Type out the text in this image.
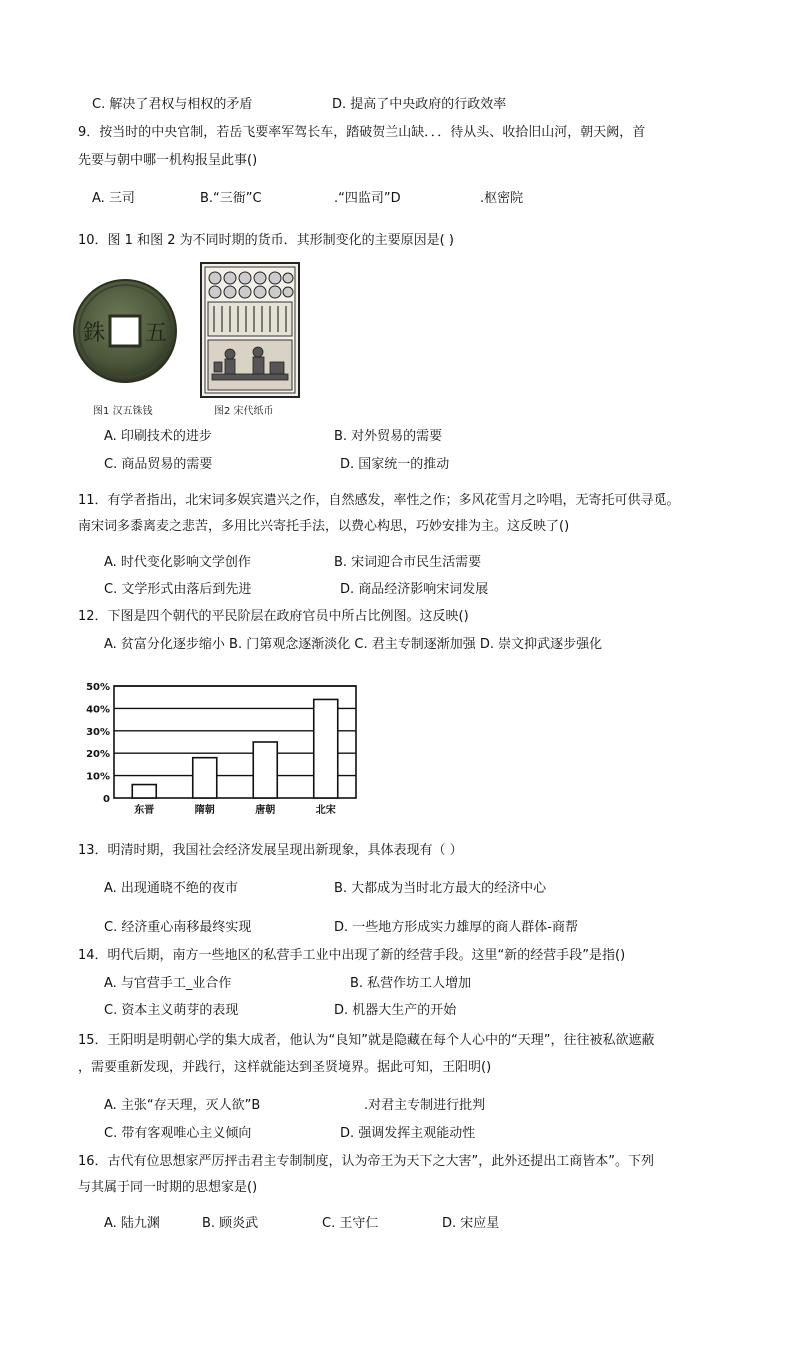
C. 解决了君权与相权的矛盾	D. 提高了中央政府的行政效率
9．按当时的中央官制，若岳飞要率军驾长车，踏破贺兰山缺．．．待从头、收拾旧山河，朝天阙，首
先要与朝中哪一机构报呈此事()
A. 三司	B.“三衙”C	.“四监司”D	.枢密院
10．图 1 和图 2 为不同时期的货币．其形制变化的主要原因是( )
銖 五
图1 汉五铢钱	图2 宋代纸币
A. 印刷技术的进步	B. 对外贸易的需要
C. 商品贸易的需要	D. 国家统一的推动
11．有学者指出，北宋词多娱宾遣兴之作，自然感发，率性之作；多风花雪月之吟唱，无寄托可供寻觅。
南宋词多黍离麦之悲苦，多用比兴寄托手法，以费心构思，巧妙安排为主。这反映了()
A. 时代变化影响文学创作	B. 宋词迎合市民生活需要
C. 文学形式由落后到先进	D. 商品经济影响宋词发展
12．下图是四个朝代的平民阶层在政府官员中所占比例图。这反映()
A. 贫富分化逐步缩小 B. 门第观念逐渐淡化 C. 君主专制逐渐加强 D. 崇文抑武逐步强化
0
10%
20%
30%
40%
50%
东晋	隋朝	唐朝	北宋
13．明清时期，我国社会经济发展呈现出新现象，具体表现有（ ）
A. 出现通晓不绝的夜市	B. 大都成为当时北方最大的经济中心
C. 经济重心南移最终实现	D. 一些地方形成实力雄厚的商人群体-商帮
14．明代后期，南方一些地区的私营手工业中出现了新的经营手段。这里“新的经营手段”是指()
A. 与官营手工_业合作	B. 私营作坊工人增加
C. 资本主义萌芽的表现	D. 机器大生产的开始
15．王阳明是明朝心学的集大成者，他认为“良知”就是隐藏在每个人心中的“天理”，往往被私欲遮蔽
，需要重新发现，并践行，这样就能达到圣贤境界。据此可知，王阳明()
A. 主张“存天理，灭人欲”B	.对君主专制进行批判
C. 带有客观唯心主义倾向	D. 强调发挥主观能动性
16．古代有位思想家严厉抨击君主专制制度，认为帝王为天下之大害”，此外还提出工商皆本”。下列
与其属于同一时期的思想家是()
A. 陆九渊	B. 顾炎武	C. 王守仁	D. 宋应星
